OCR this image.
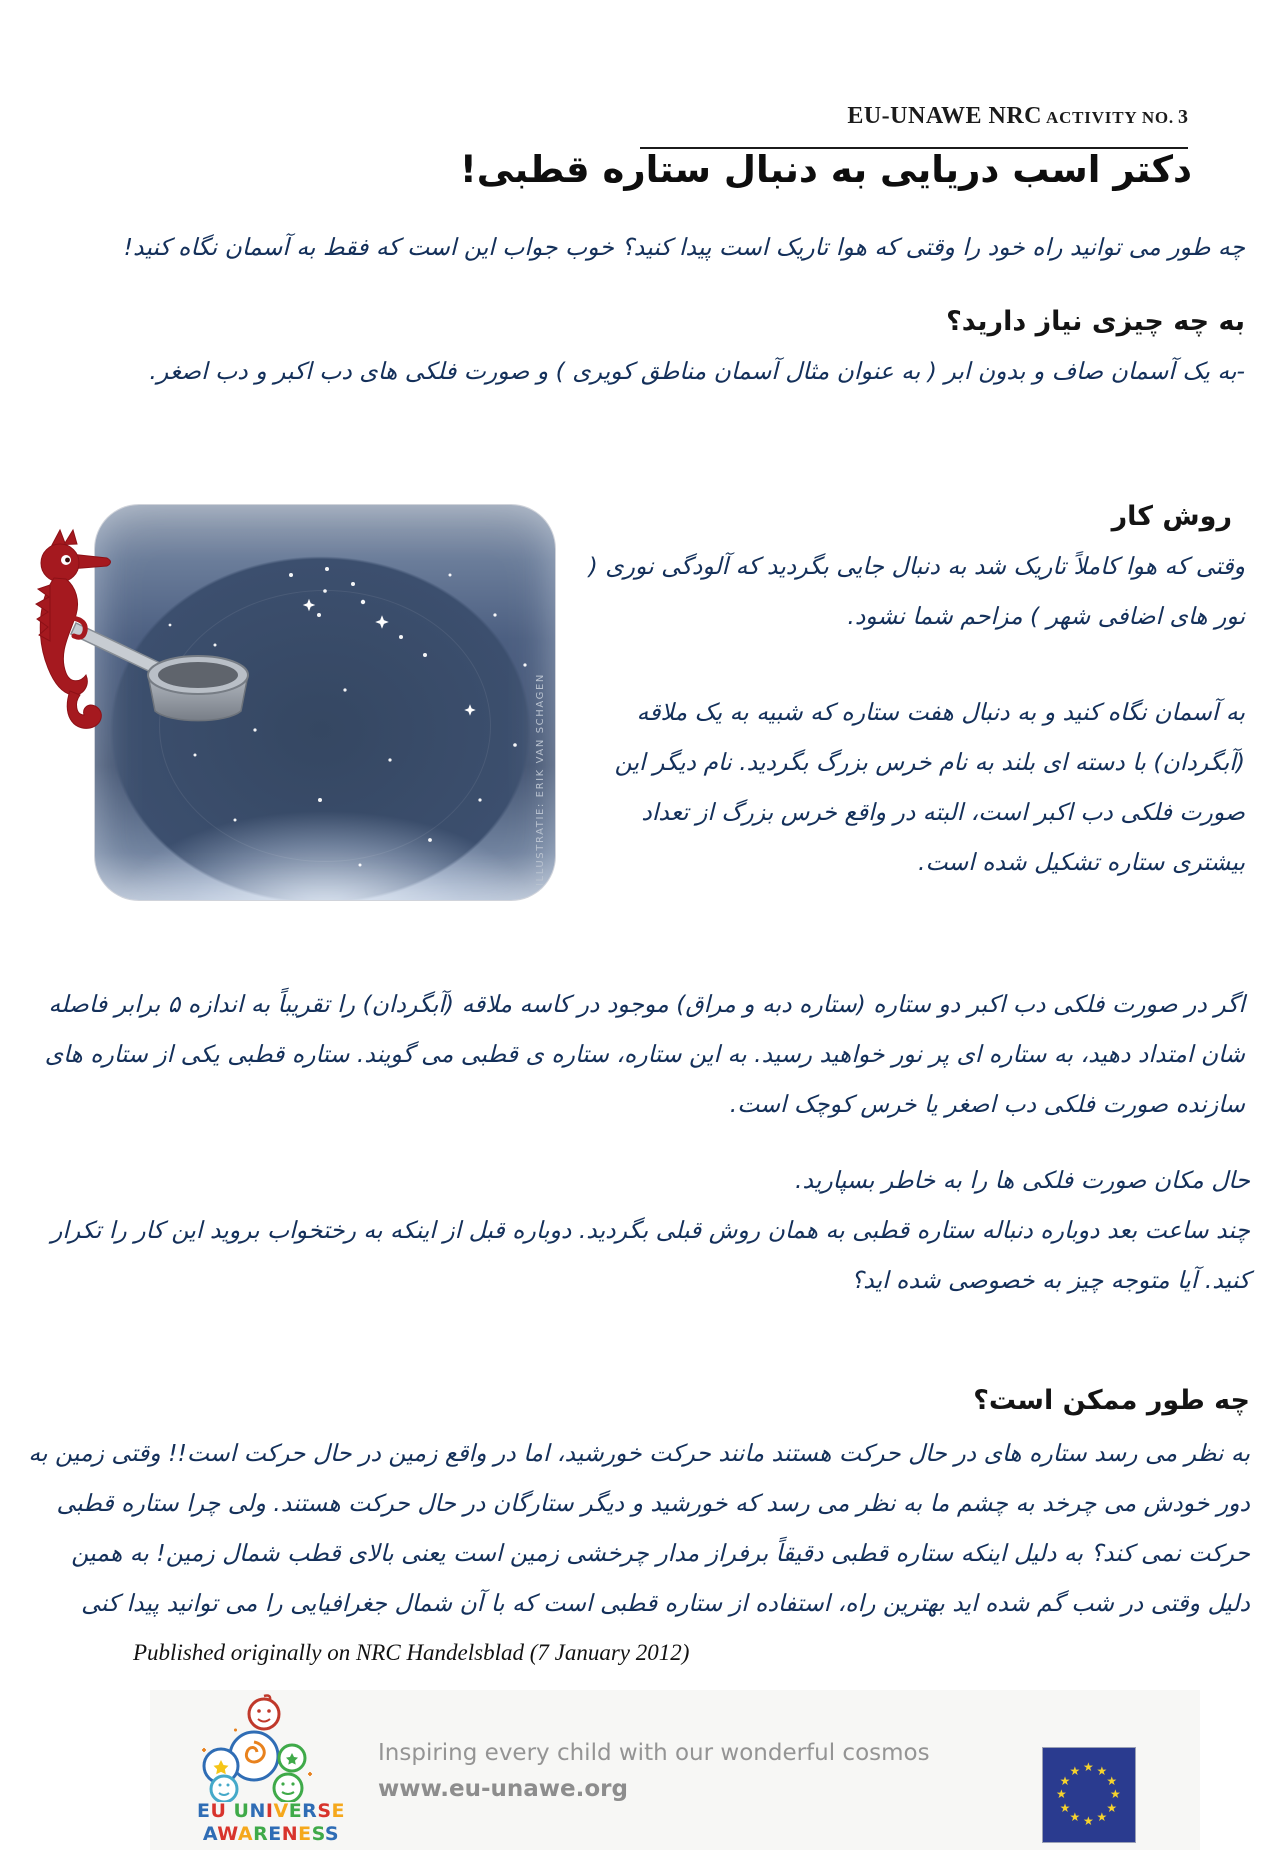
EU-UNAWE NRC ACTIVITY NO. 3
دکتر اسب دریایی به دنبال ستاره قطبی!

چه طور می توانید راه خود را وقتی که هوا تاریک است پیدا کنید؟ خوب جواب این است که فقط به آسمان نگاه کنید!

به چه چیزی نیاز دارید؟

-به یک آسمان صاف و بدون ابر ( به عنوان مثال آسمان مناطق کویری ) و صورت فلکی های دب اکبر و دب اصغر.

روش کار
ILLUSTRATIE: ERIK VAN SCHAGEN

وقتی که هوا کاملاً تاریک شد به دنبال جایی بگردید که آلودگی نوری ( نور های اضافی شهر ) مزاحم شما نشود.

به آسمان نگاه کنید و به دنبال هفت ستاره که شبیه به یک ملاقه (آبگردان) با دسته ای بلند به نام خرس بزرگ بگردید. نام دیگر این صورت فلکی دب اکبر است، البته در واقع خرس بزرگ از تعداد بیشتری ستاره تشکیل شده است.

اگر در صورت فلکی دب اکبر دو ستاره (ستاره دبه و مراق) موجود در کاسه ملاقه (آبگردان) را تقریباً به اندازه ۵ برابر فاصله شان امتداد دهید، به ستاره ای پر نور خواهید رسید. به این ستاره، ستاره ی قطبی می گویند. ستاره قطبی یکی از ستاره های سازنده صورت فلکی دب اصغر یا خرس کوچک است.

حال مکان صورت فلکی ها را به خاطر بسپارید.

چند ساعت بعد دوباره دنباله ستاره قطبی به همان روش قبلی بگردید. دوباره قبل از اینکه به رختخواب بروید این کار را تکرار کنید. آیا متوجه چیز به خصوصی شده اید؟

چه طور ممکن است؟

به نظر می رسد ستاره های در حال حرکت هستند مانند حرکت خورشید، اما در واقع زمین در حال حرکت است!! وقتی زمین به دور خودش می چرخد به چشم ما به نظر می رسد که خورشید و دیگر ستارگان در حال حرکت هستند. ولی چرا ستاره قطبی حرکت نمی کند؟ به دلیل اینکه ستاره قطبی دقیقاً برفراز مدار چرخشی زمین است یعنی بالای قطب شمال زمین! به همین دلیل وقتی در شب گم شده اید بهترین راه، استفاده از ستاره قطبی است که با آن شمال جغرافیایی را می توانید پیدا کنی

Published originally on NRC Handelsblad (7 January 2012)
EU UNIVERSE
AWARENESS
Inspiring every child with our wonderful cosmos
www.eu-unawe.org
★ ★
★
★
★
★
★
★
★
★
★
★
